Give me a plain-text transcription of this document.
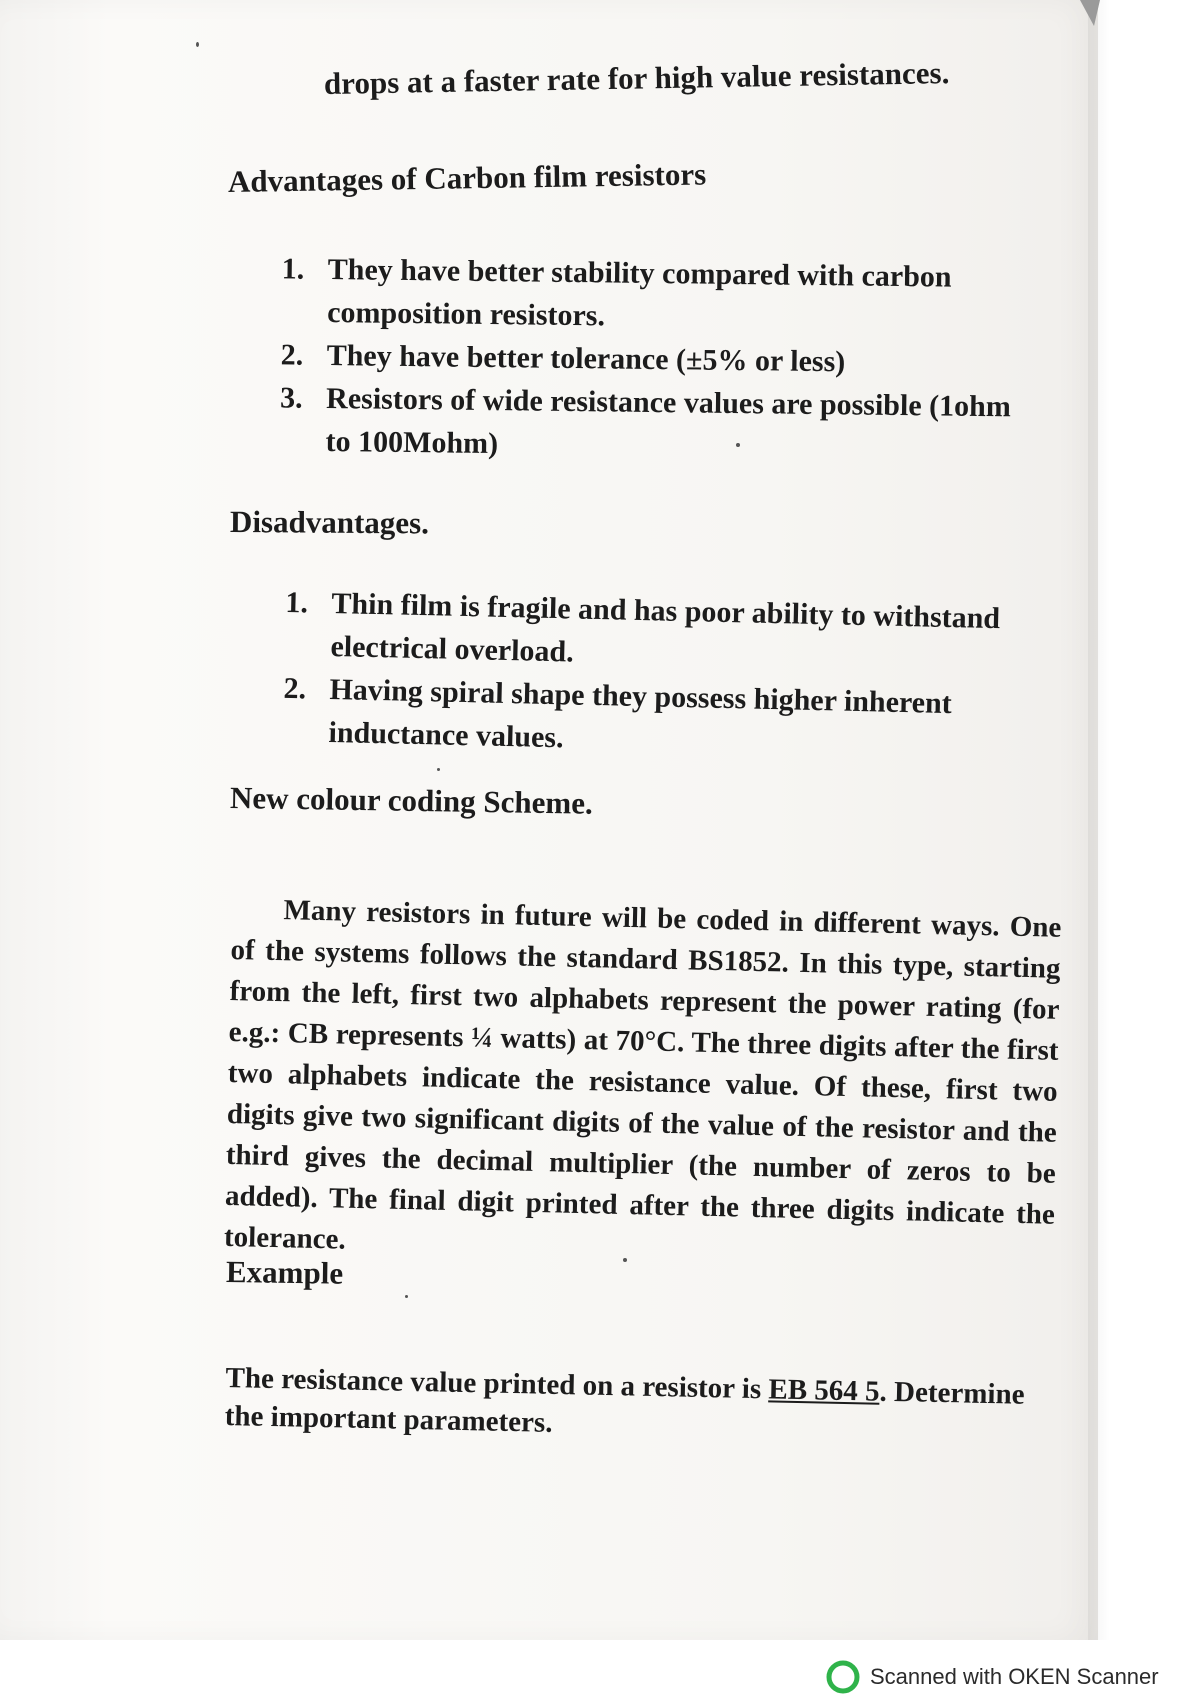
drops at a faster rate for high value resistances.
Advantages of Carbon film resistors
1. They have better stability compared with carbon composition resistors.
2. They have better tolerance (±5% or less)
3. Resistors of wide resistance values are possible (1ohm to 100Mohm)
Disadvantages.
1. Thin film is fragile and has poor ability to withstand electrical overload.
2. Having spiral shape they possess higher inherent inductance values.
New colour coding Scheme.

Many resistors in future will be coded in different ways. One of the systems follows the standard BS1852. In this type, starting from the left, first two alphabets represent the power rating (for e.g.: CB represents ¼ watts) at 70°C. The three digits after the first two alphabets indicate the resistance value. Of these, first two digits give two significant digits of the value of the resistor and the third gives the decimal multiplier (the number of zeros to be added). The final digit printed after the three digits indicate the tolerance.

Example

The resistance value printed on a resistor is EB 564 5. Determine the important parameters.

Scanned with OKEN Scanner
